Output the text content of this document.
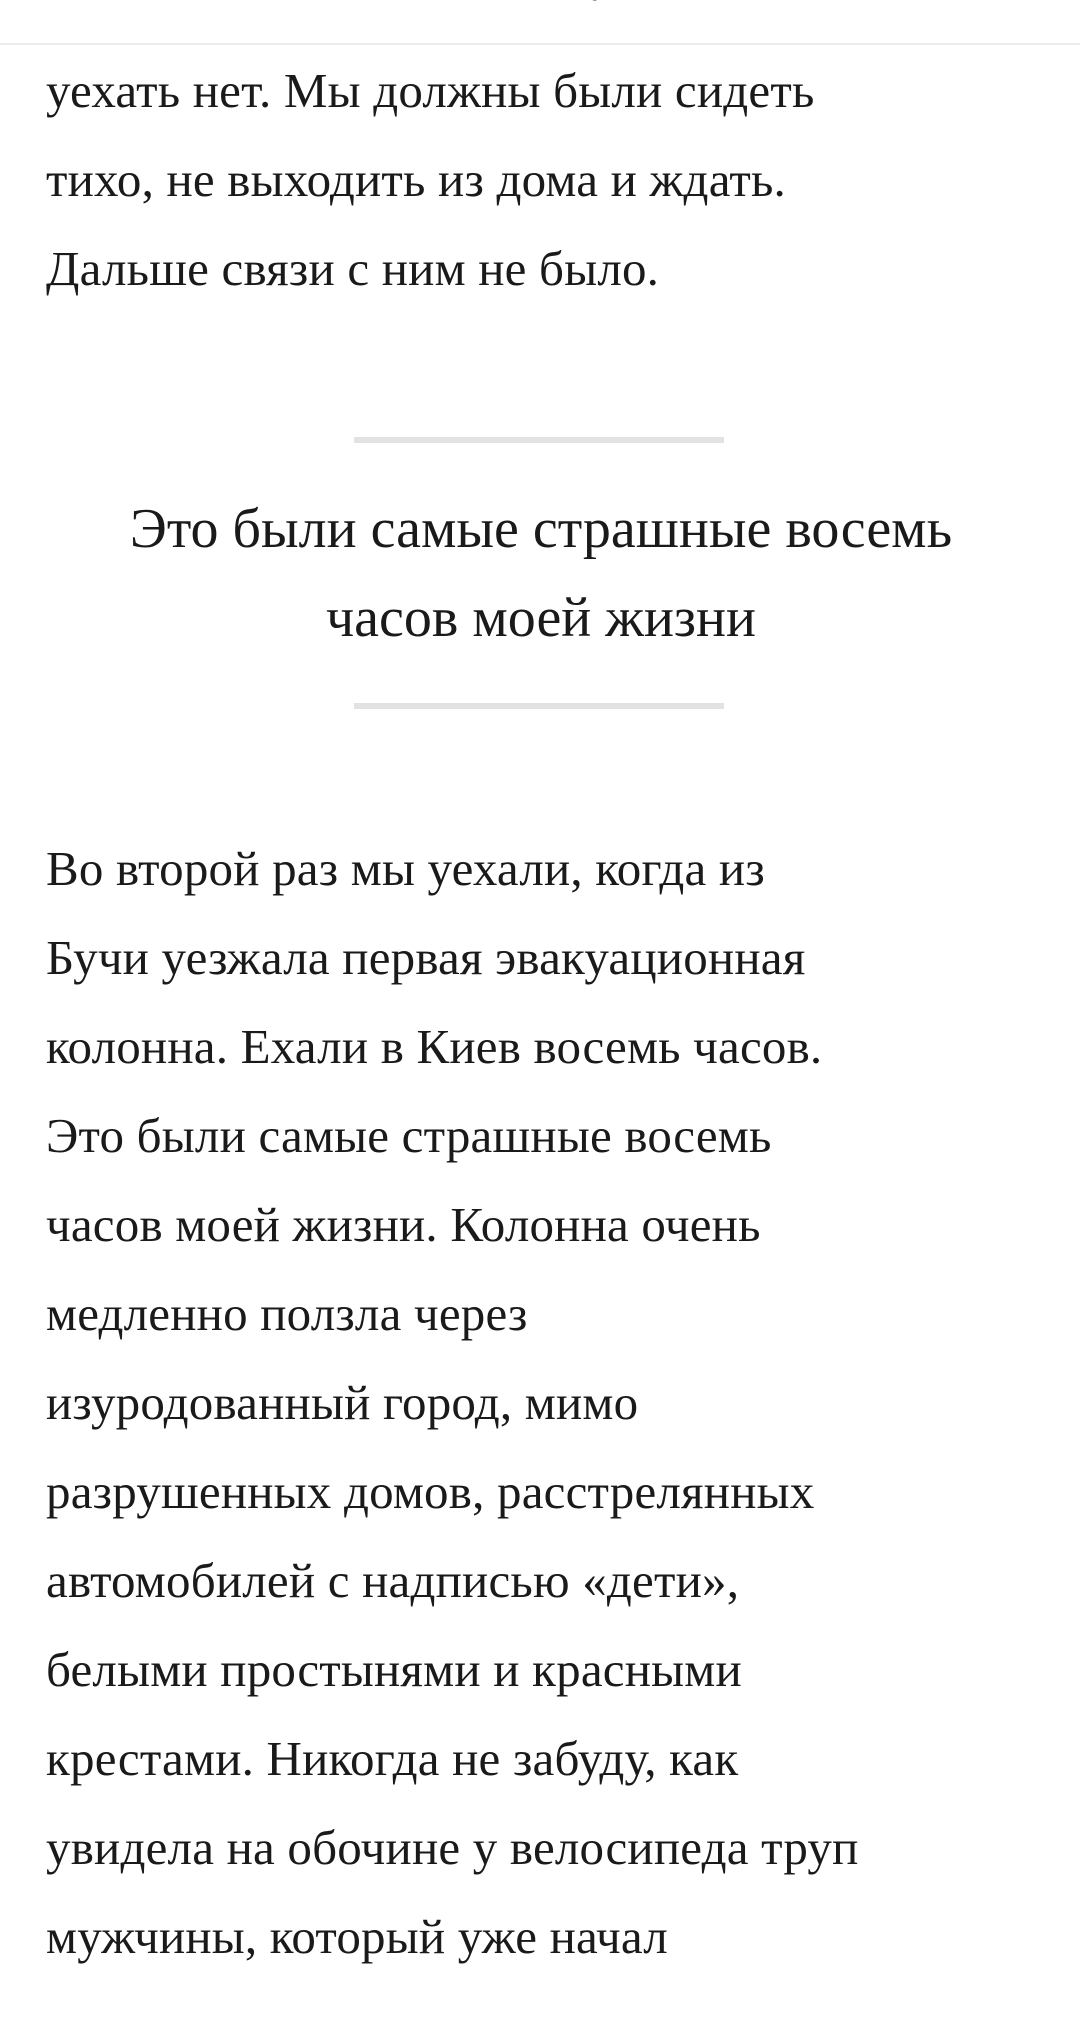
уехать нет. Мы должны были сидеть
тихо, не выходить из дома и ждать.
Дальше связи с ним не было.

Это были самые страшные восемь
часов моей жизни

Во второй раз мы уехали, когда из
Бучи уезжала первая эвакуационная
колонна. Ехали в Киев восемь часов.
Это были самые страшные восемь
часов моей жизни. Колонна очень
медленно ползла через
изуродованный город, мимо
разрушенных домов, расстрелянных
автомобилей с надписью «дети»,
белыми простынями и красными
крестами. Никогда не забуду, как
увидела на обочине у велосипеда труп
мужчины, который уже начал
